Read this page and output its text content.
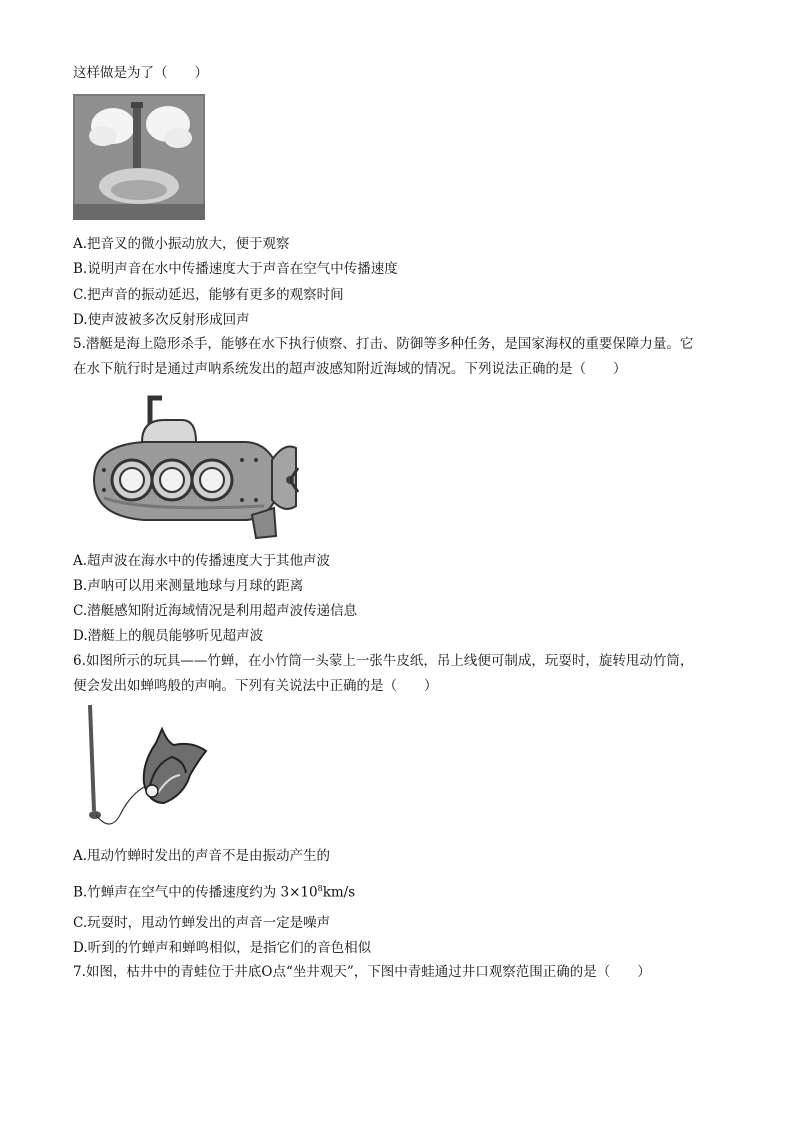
这样做是为了（　　）
A.把音叉的微小振动放大，便于观察
B.说明声音在水中传播速度大于声音在空气中传播速度
C.把声音的振动延迟，能够有更多的观察时间
D.使声波被多次反射形成回声
5.潜艇是海上隐形杀手，能够在水下执行侦察、打击、防御等多种任务，是国家海权的重要保障力量。它
在水下航行时是通过声呐系统发出的超声波感知附近海域的情况。下列说法正确的是（　　）
A.超声波在海水中的传播速度大于其他声波
B.声呐可以用来测量地球与月球的距离
C.潜艇感知附近海域情况是利用超声波传递信息
D.潜艇上的舰员能够听见超声波
6.如图所示的玩具——竹蝉，在小竹筒一头蒙上一张牛皮纸，吊上线便可制成，玩耍时，旋转甩动竹筒，
便会发出如蝉鸣般的声响。下列有关说法中正确的是（　　）
A.甩动竹蝉时发出的声音不是由振动产生的
B.竹蝉声在空气中的传播速度约为 $3\times 10^8km/s$
C.玩耍时，甩动竹蝉发出的声音一定是噪声
D.听到的竹蝉声和蝉鸣相似，是指它们的音色相似
7.如图，枯井中的青蛙位于井底O点“坐井观天”，下图中青蛙通过井口观察范围正确的是（　　）
